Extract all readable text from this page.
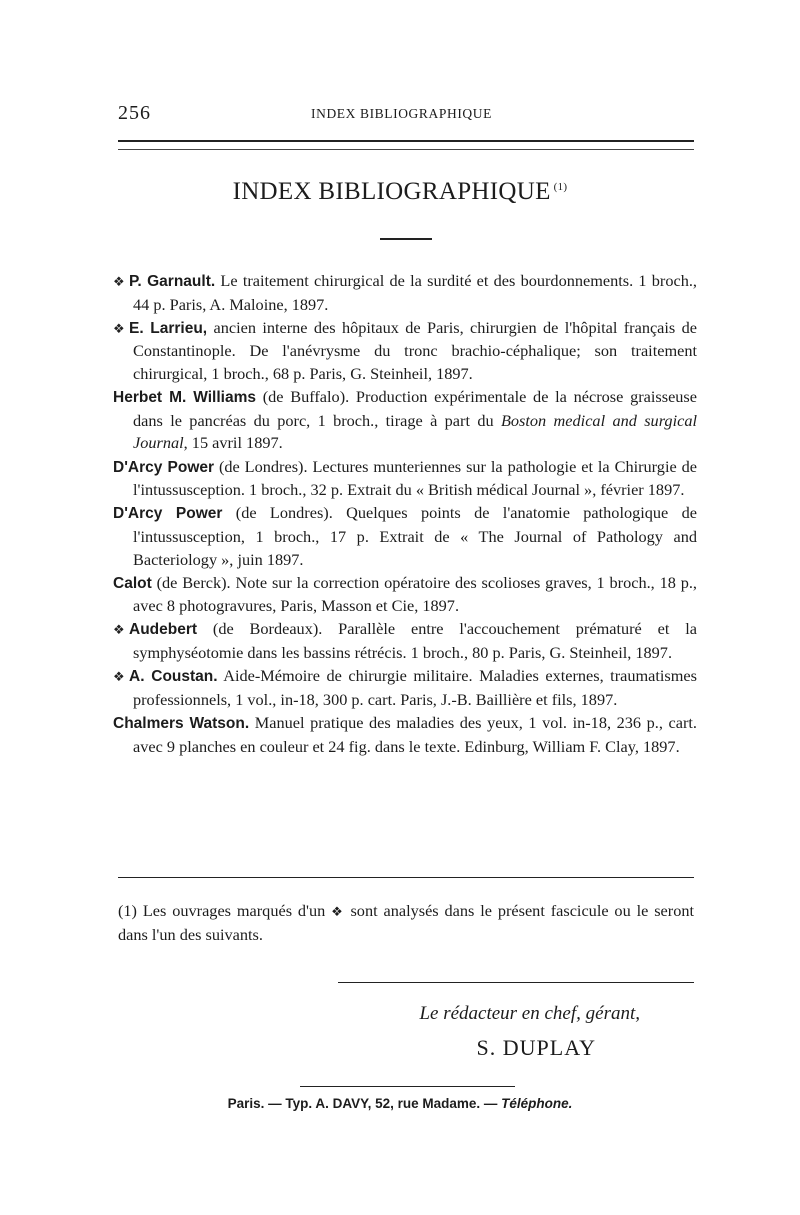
256	INDEX BIBLIOGRAPHIQUE
INDEX BIBLIOGRAPHIQUE $^{(1)}$

❖ P. Garnault. Le traitement chirurgical de la surdité et des bourdonnements. 1 broch., 44 p. Paris, A. Maloine, 1897.

❖ E. Larrieu, ancien interne des hôpitaux de Paris, chirurgien de l'hôpital français de Constantinople. De l'anévrysme du tronc brachio-céphalique; son traitement chirurgical, 1 broch., 68 p. Paris, G. Steinheil, 1897.

Herbet M. Williams (de Buffalo). Production expérimentale de la nécrose graisseuse dans le pancréas du porc, 1 broch., tirage à part du Boston medical and surgical Journal, 15 avril 1897.

D'Arcy Power (de Londres). Lectures munteriennes sur la pathologie et la Chirurgie de l'intussusception. 1 broch., 32 p. Extrait du « British médical Journal », février 1897.

D'Arcy Power (de Londres). Quelques points de l'anatomie pathologique de l'intussusception, 1 broch., 17 p. Extrait de « The Journal of Pathology and Bacteriology », juin 1897.

Calot (de Berck). Note sur la correction opératoire des scolioses graves, 1 broch., 18 p., avec 8 photogravures, Paris, Masson et Cie, 1897.

❖ Audebert (de Bordeaux). Parallèle entre l'accouchement prématuré et la symphyséotomie dans les bassins rétrécis. 1 broch., 80 p. Paris, G. Steinheil, 1897.

❖ A. Coustan. Aide-Mémoire de chirurgie militaire. Maladies externes, traumatismes professionnels, 1 vol., in-18, 300 p. cart. Paris, J.-B. Baillière et fils, 1897.

Chalmers Watson. Manuel pratique des maladies des yeux, 1 vol. in-18, 236 p., cart. avec 9 planches en couleur et 24 fig. dans le texte. Edinburg, William F. Clay, 1897.

(1) Les ouvrages marqués d'un ❖ sont analysés dans le présent fascicule ou le seront dans l'un des suivants.
Le rédacteur en chef, gérant,
S. DUPLAY
Paris. — Typ. A. DAVY, 52, rue Madame. — Téléphone.
